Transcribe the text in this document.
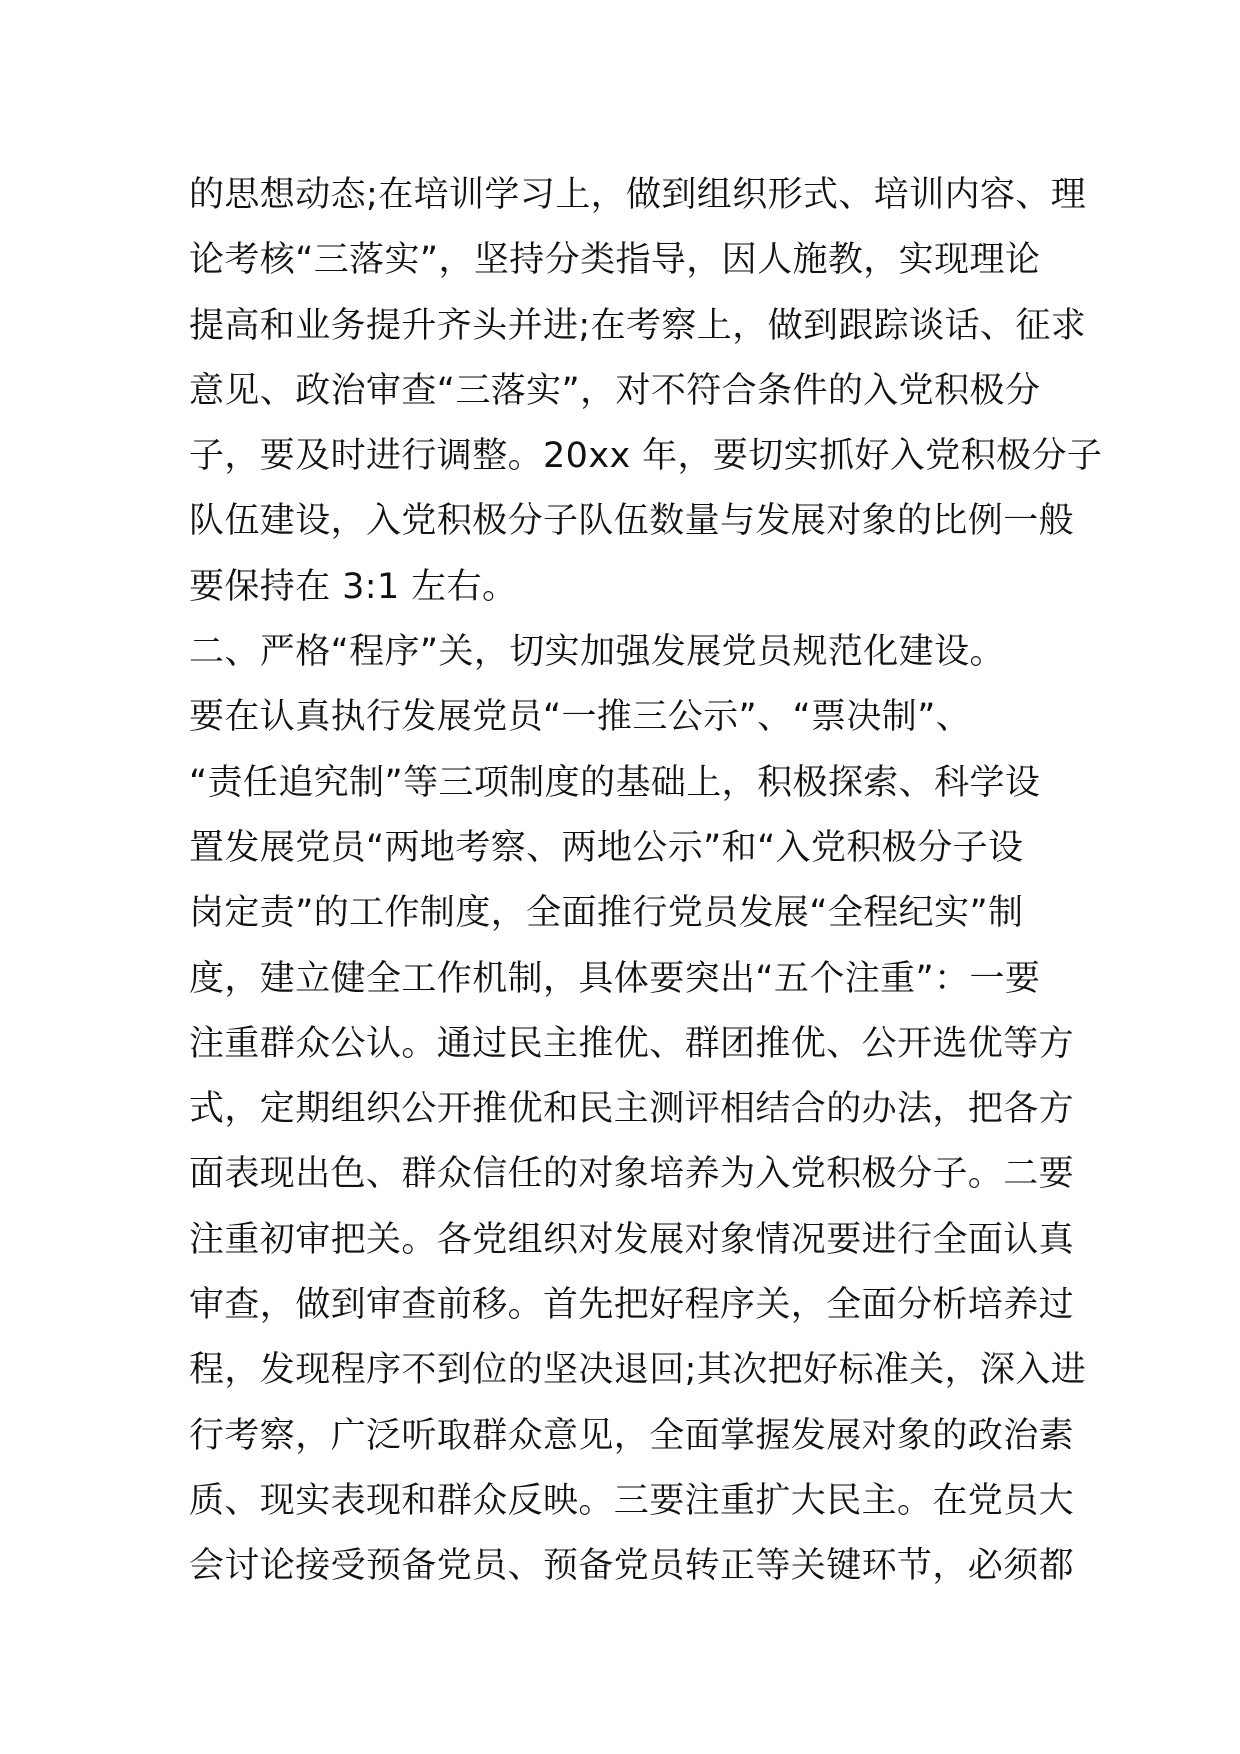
的思想动态;在培训学习上，做到组织形式、培训内容、理
论考核“三落实”，坚持分类指导，因人施教，实现理论
提高和业务提升齐头并进;在考察上，做到跟踪谈话、征求
意见、政治审查“三落实”，对不符合条件的入党积极分
子，要及时进行调整。20xx 年，要切实抓好入党积极分子
队伍建设，入党积极分子队伍数量与发展对象的比例一般
要保持在 3:1 左右。
二、严格“程序”关，切实加强发展党员规范化建设。
要在认真执行发展党员“一推三公示”、“票决制”、
“责任追究制”等三项制度的基础上，积极探索、科学设
置发展党员“两地考察、两地公示”和“入党积极分子设
岗定责”的工作制度，全面推行党员发展“全程纪实”制
度，建立健全工作机制，具体要突出“五个注重”：一要
注重群众公认。通过民主推优、群团推优、公开选优等方
式，定期组织公开推优和民主测评相结合的办法，把各方
面表现出色、群众信任的对象培养为入党积极分子。二要
注重初审把关。各党组织对发展对象情况要进行全面认真
审查，做到审查前移。首先把好程序关，全面分析培养过
程，发现程序不到位的坚决退回;其次把好标准关，深入进
行考察，广泛听取群众意见，全面掌握发展对象的政治素
质、现实表现和群众反映。三要注重扩大民主。在党员大
会讨论接受预备党员、预备党员转正等关键环节，必须都
